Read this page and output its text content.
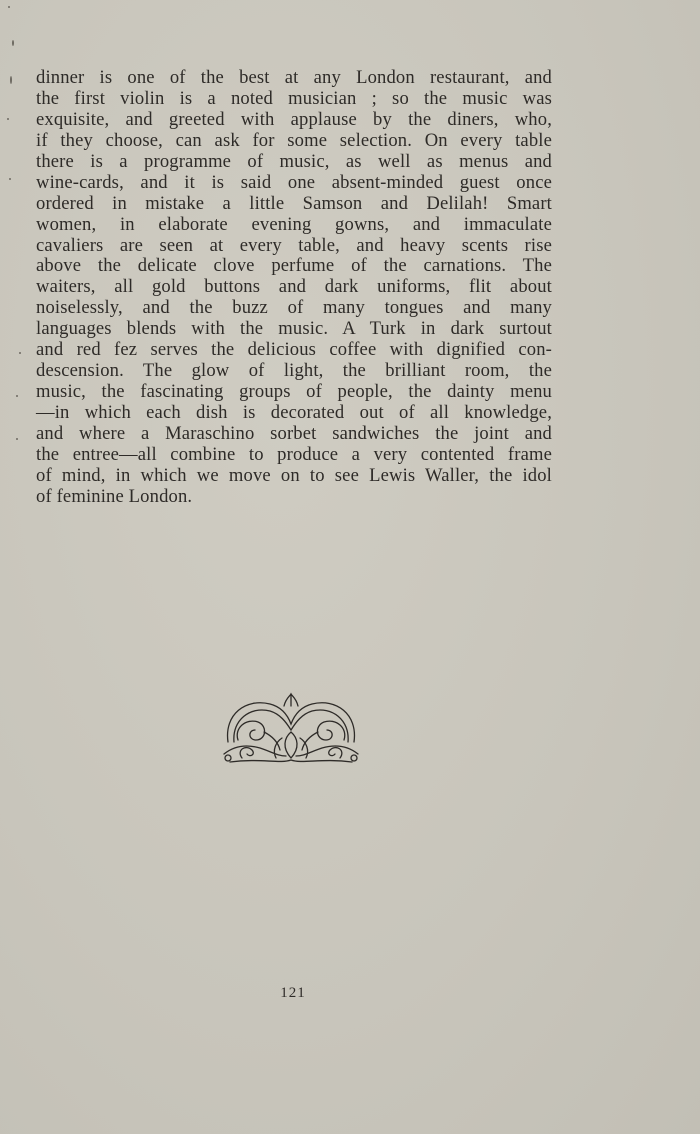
dinner is one of the best at any London restaurant, and
the first violin is a noted musician ; so the music was
exquisite, and greeted with applause by the diners, who,
if they choose, can ask for some selection. On every table
there is a programme of music, as well as menus and
wine-cards, and it is said one absent-minded guest once
ordered in mistake a little Samson and Delilah! Smart
women, in elaborate evening gowns, and immaculate
cavaliers are seen at every table, and heavy scents rise
above the delicate clove perfume of the carnations. The
waiters, all gold buttons and dark uniforms, flit about
noiselessly, and the buzz of many tongues and many
languages blends with the music. A Turk in dark surtout
and red fez serves the delicious coffee with dignified con-
descension. The glow of light, the brilliant room, the
music, the fascinating groups of people, the dainty menu
—in which each dish is decorated out of all knowledge,
and where a Maraschino sorbet sandwiches the joint and
the entree—all combine to produce a very contented frame
of mind, in which we move on to see Lewis Waller, the idol
of feminine London.
121
